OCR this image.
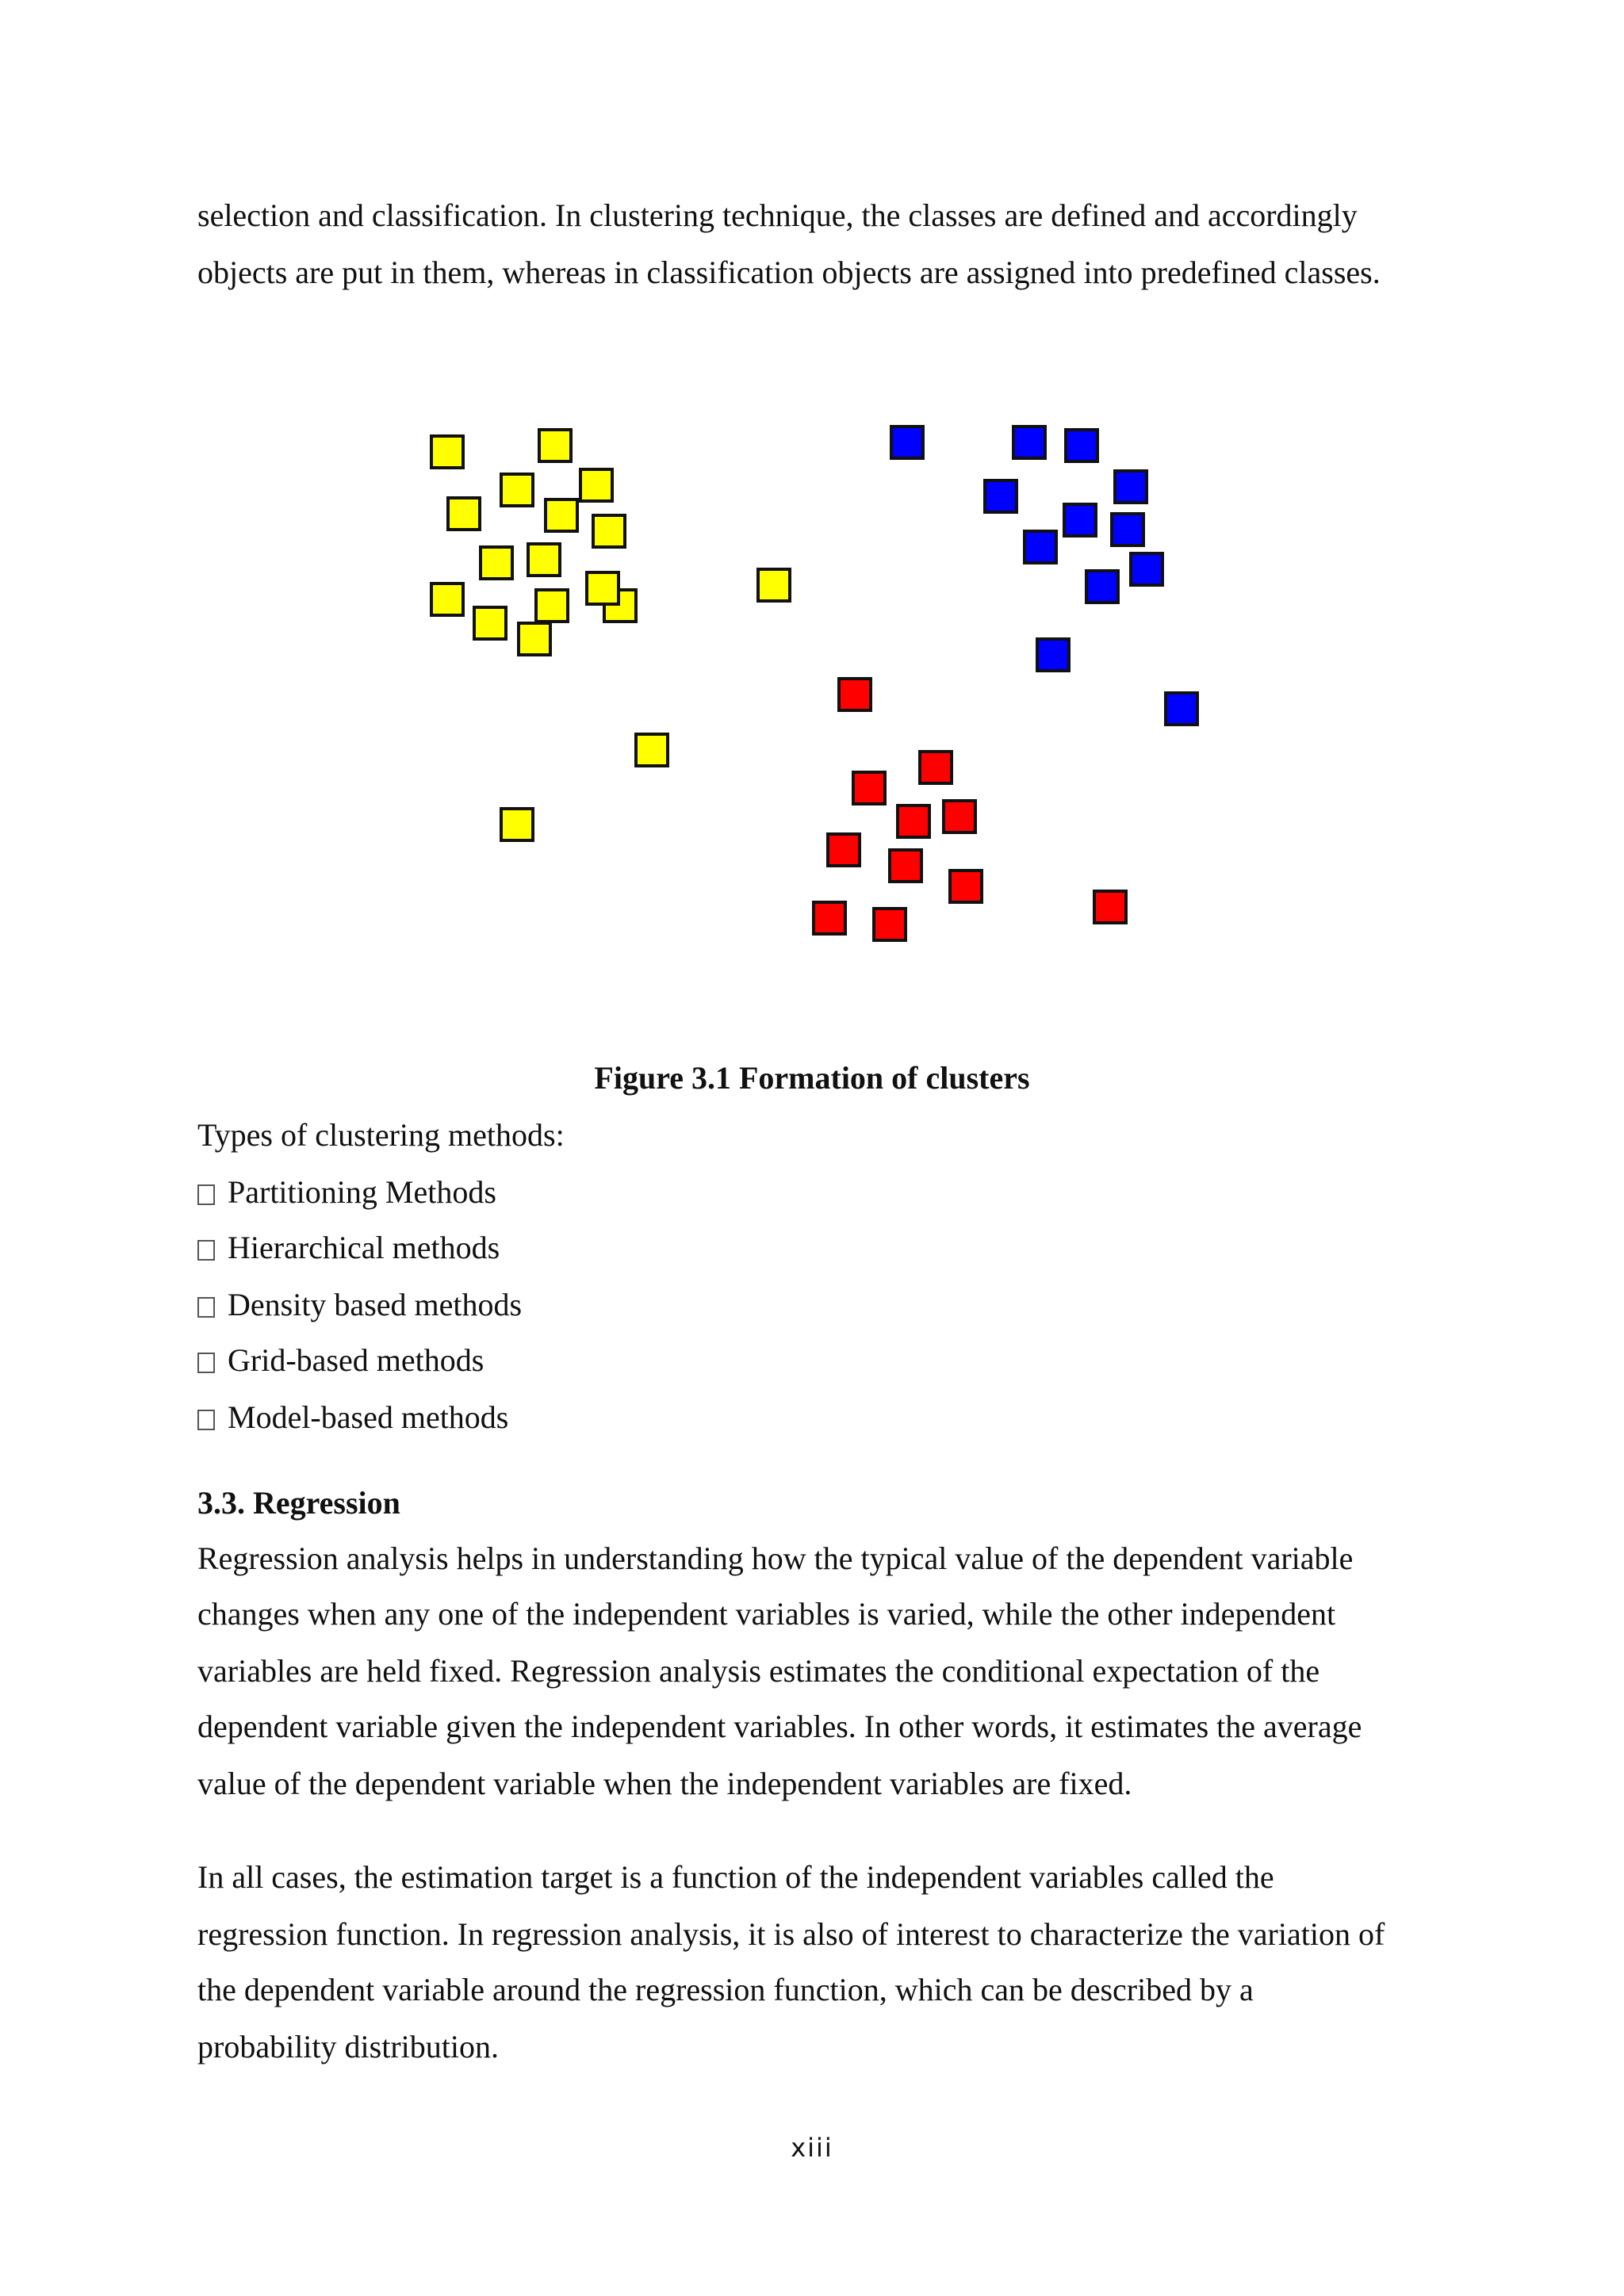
selection and classification. In clustering technique, the classes are defined and accordingly
objects are put in them, whereas in classification objects are assigned into predefined classes.
Figure 3.1 Formation of clusters
Types of clustering methods:
Partitioning Methods
Hierarchical methods
Density based methods
Grid-based methods
Model-based methods
3.3. Regression
Regression analysis helps in understanding how the typical value of the dependent variable
changes when any one of the independent variables is varied, while the other independent
variables are held fixed. Regression analysis estimates the conditional expectation of the
dependent variable given the independent variables. In other words, it estimates the average
value of the dependent variable when the independent variables are fixed.
In all cases, the estimation target is a function of the independent variables called the
regression function. In regression analysis, it is also of interest to characterize the variation of
the dependent variable around the regression function, which can be described by a
probability distribution.
xiii
